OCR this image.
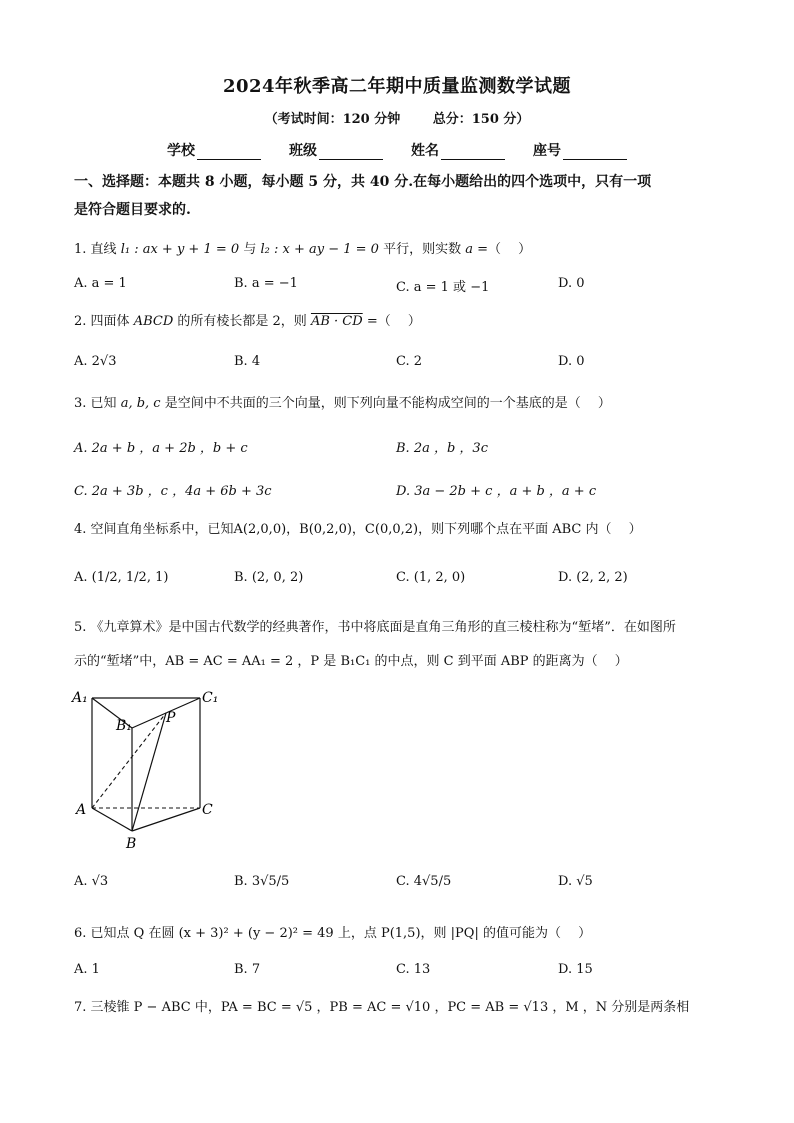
2024年秋季高二年期中质量监测数学试题
（考试时间：120 分钟	总分：150 分）
学校	班级	姓名	座号
一、选择题：本题共 8 小题，每小题 5 分，共 40 分.在每小题给出的四个选项中，只有一项
是符合题目要求的.
1. 直线 l₁ : ax + y + 1 = 0 与 l₂ : x + ay − 1 = 0 平行，则实数 a =（　 ）
A. a = 1	B. a = −1	C. a = 1 或 −1	D. 0
2. 四面体 ABCD 的所有棱长都是 2，则 AB · CD =（　 ）
A. 2√3	B. 4	C. 2	D. 0
3. 已知 a, b, c 是空间中不共面的三个向量，则下列向量不能构成空间的一个基底的是（　 ）
A. 2a + b ，a + 2b ，b + c	B. 2a ，b ，3c
C. 2a + 3b ，c ，4a + 6b + 3c	D. 3a − 2b + c ，a + b ，a + c
4. 空间直角坐标系中，已知A(2,0,0)，B(0,2,0)，C(0,0,2)，则下列哪个点在平面 ABC 内（　 ）
A. (1/2, 1/2, 1)	B. (2, 0, 2)	C. (1, 2, 0)	D. (2, 2, 2)
5. 《九章算术》是中国古代数学的经典著作，书中将底面是直角三角形的直三棱柱称为“堑堵”．在如图所
示的“堑堵”中，AB = AC = AA₁ = 2 ，P 是 B₁C₁ 的中点，则 C 到平面 ABP 的距离为（　 ）
A₁
B₁ P
C₁
A	C
B
A. √3	B. 3√5/5	C. 4√5/5	D. √5
6. 已知点 Q 在圆 (x + 3)² + (y − 2)² = 49 上，点 P(1,5)，则 |PQ| 的值可能为（　 ）
A. 1	B. 7	C. 13	D. 15
7. 三棱锥 P − ABC 中，PA = BC = √5 ，PB = AC = √10 ，PC = AB = √13 ，M ，N 分别是两条相
